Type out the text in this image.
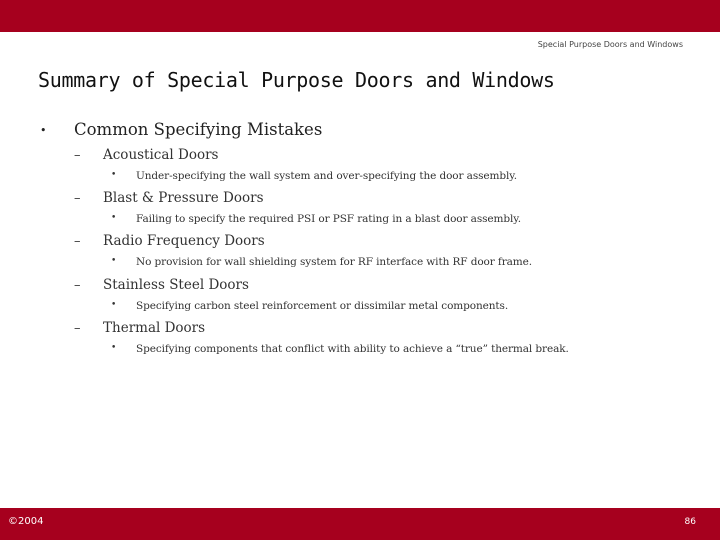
Special Purpose Doors and Windows
Summary of Special Purpose Doors and Windows
• Common Specifying Mistakes
– Acoustical Doors
• Under-specifying the wall system and over-specifying the door assembly.
– Blast & Pressure Doors
• Failing to specify the required PSI or PSF rating in a blast door assembly.
– Radio Frequency Doors
• No provision for wall shielding system for RF interface with RF door frame.
– Stainless Steel Doors
• Specifying carbon steel reinforcement or dissimilar metal components.
– Thermal Doors
• Specifying components that conflict with ability to achieve a “true” thermal break.
©2004	86
